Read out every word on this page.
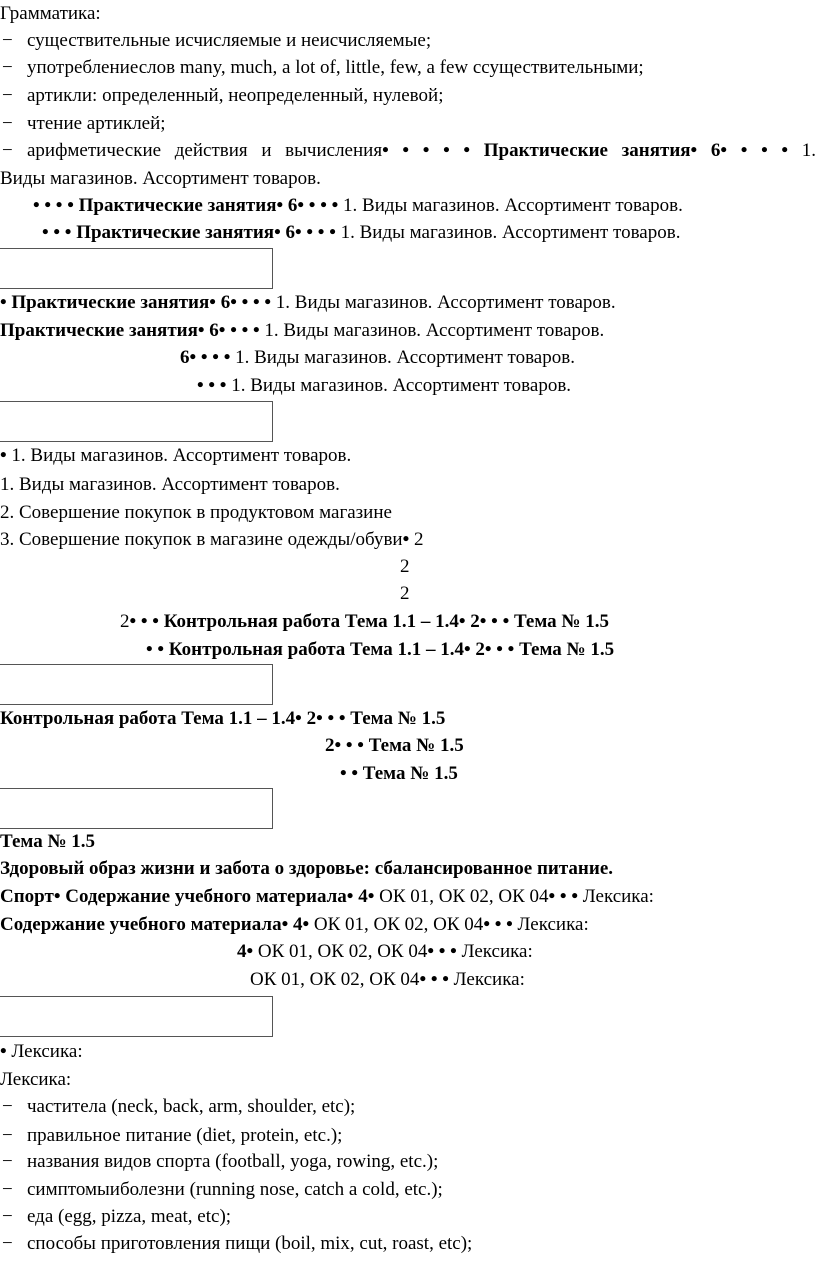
Грамматика:
− существительные исчисляемые и неисчисляемые;
− употреблениеслов many, much, a lot of, little, few, a few ссуществительными;
− артикли: определенный, неопределенный, нулевой;
− чтение артиклей;
− арифметические действия и вычисления• • • • • Практические занятия• 6• • • • 1.
Виды магазинов. Ассортимент товаров.
• • • • Практические занятия• 6• • • • 1. Виды магазинов. Ассортимент товаров.
• • • Практические занятия• 6• • • • 1. Виды магазинов. Ассортимент товаров.
• Практические занятия• 6• • • • 1. Виды магазинов. Ассортимент товаров.
Практические занятия• 6• • • • 1. Виды магазинов. Ассортимент товаров.
6• • • • 1. Виды магазинов. Ассортимент товаров.
• • • 1. Виды магазинов. Ассортимент товаров.
• 1. Виды магазинов. Ассортимент товаров.
1. Виды магазинов. Ассортимент товаров.
2. Совершение покупок в продуктовом магазине
3. Совершение покупок в магазине одежды/обуви• 2
2
2
2• • • Контрольная работа Тема 1.1 – 1.4• 2• • • Тема № 1.5
• • Контрольная работа Тема 1.1 – 1.4• 2• • • Тема № 1.5
Контрольная работа Тема 1.1 – 1.4• 2• • • Тема № 1.5
2• • • Тема № 1.5
• • Тема № 1.5
Тема № 1.5
Здоровый образ жизни и забота о здоровье: сбалансированное питание.
Спорт• Содержание учебного материала• 4• ОК 01, ОК 02, ОК 04• • • Лексика:
Содержание учебного материала• 4• ОК 01, ОК 02, ОК 04• • • Лексика:
4• ОК 01, ОК 02, ОК 04• • • Лексика:
ОК 01, ОК 02, ОК 04• • • Лексика:
• Лексика:
Лексика:
− частитела (neck, back, arm, shoulder, etc);
− правильное питание (diet, protein, etc.);
− названия видов спорта (football, yoga, rowing, etc.);
− симптомыиболезни (running nose, catch a cold, etc.);
− еда (egg, pizza, meat, etc);
− способы приготовления пищи (boil, mix, cut, roast, etc);
